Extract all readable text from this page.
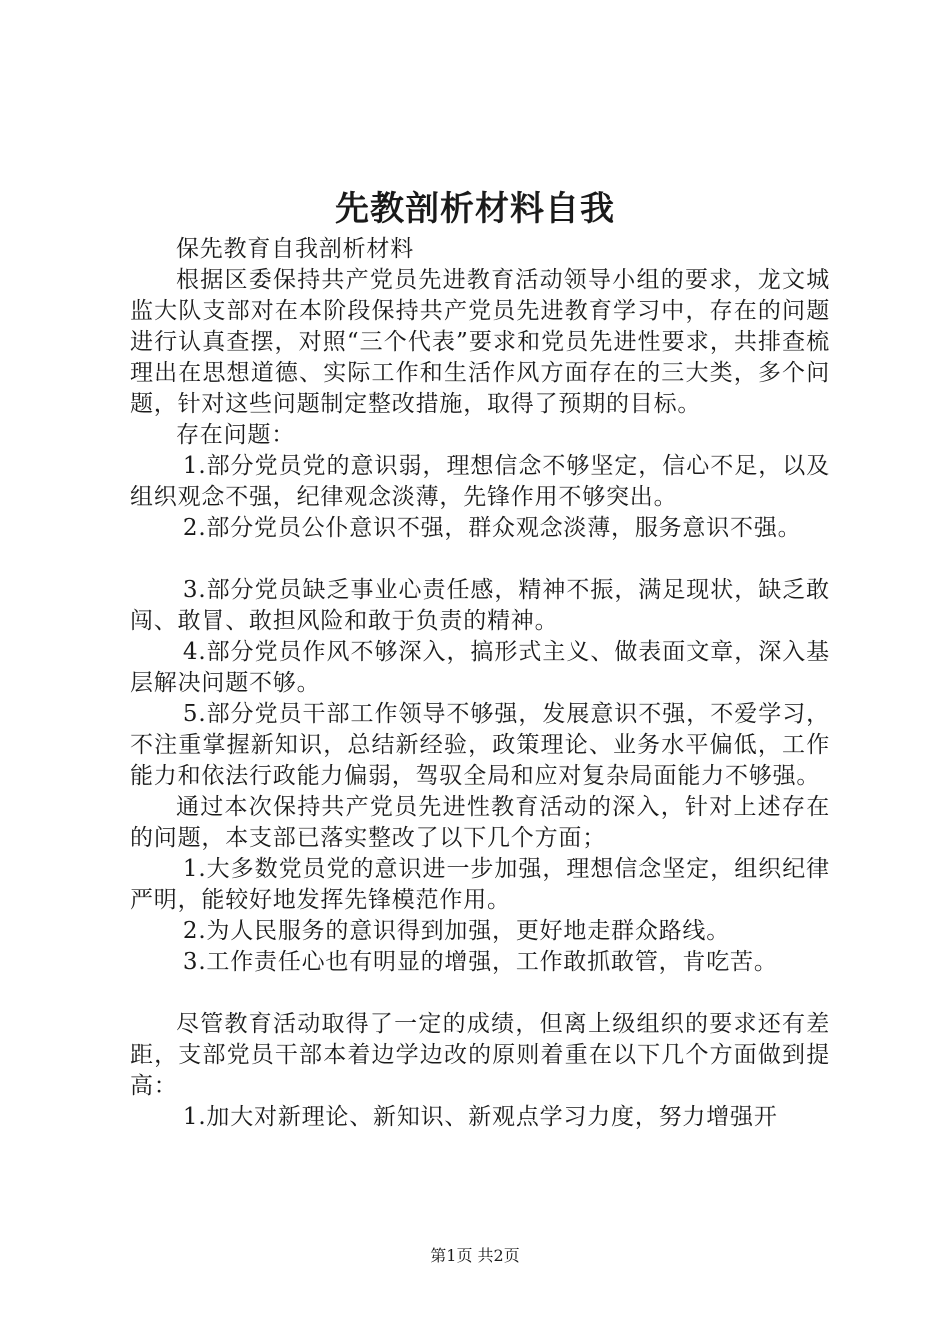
先教剖析材料自我

保先教育自我剖析材料

根据区委保持共产党员先进教育活动领导小组的要求，龙文城监大队支部对在本阶段保持共产党员先进教育学习中，存在的问题进行认真查摆，对照“三个代表”要求和党员先进性要求，共排查梳理出在思想道德、实际工作和生活作风方面存在的三大类，多个问题，针对这些问题制定整改措施，取得了预期的目标。

存在问题：

1.部分党员党的意识弱，理想信念不够坚定，信心不足，以及组织观念不强，纪律观念淡薄，先锋作用不够突出。

2.部分党员公仆意识不强，群众观念淡薄，服务意识不强。

3.部分党员缺乏事业心责任感，精神不振，满足现状，缺乏敢闯、敢冒、敢担风险和敢于负责的精神。

4.部分党员作风不够深入，搞形式主义、做表面文章，深入基层解决问题不够。

5.部分党员干部工作领导不够强，发展意识不强，不爱学习，不注重掌握新知识，总结新经验，政策理论、业务水平偏低，工作能力和依法行政能力偏弱，驾驭全局和应对复杂局面能力不够强。

通过本次保持共产党员先进性教育活动的深入，针对上述存在的问题，本支部已落实整改了以下几个方面；

1.大多数党员党的意识进一步加强，理想信念坚定，组织纪律严明，能较好地发挥先锋模范作用。

2.为人民服务的意识得到加强，更好地走群众路线。

3.工作责任心也有明显的增强，工作敢抓敢管，肯吃苦。

尽管教育活动取得了一定的成绩，但离上级组织的要求还有差距，支部党员干部本着边学边改的原则着重在以下几个方面做到提高：

1.加大对新理论、新知识、新观点学习力度，努力增强开

第1页 共2页
